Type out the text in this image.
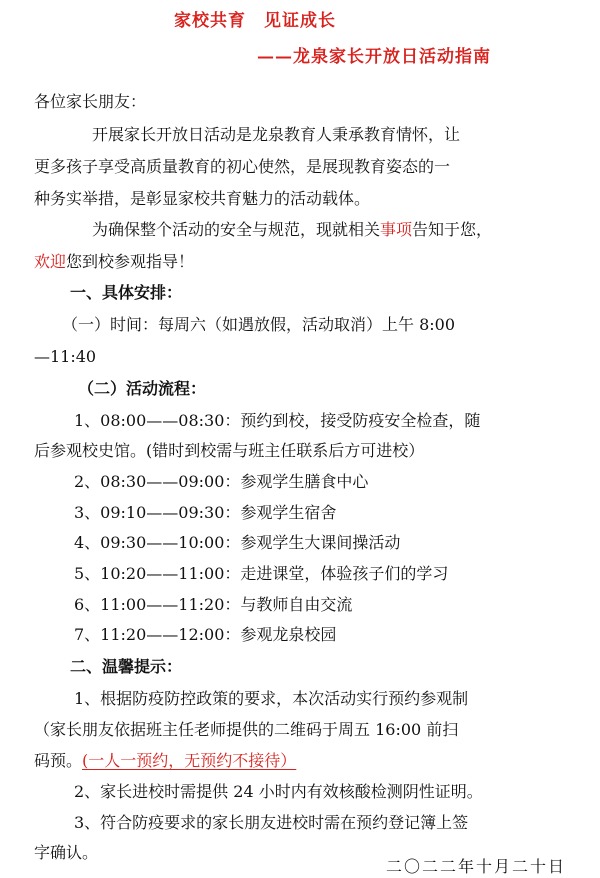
家校共育 见证成长
——龙泉家长开放日活动指南
各位家长朋友：
开展家长开放日活动是龙泉教育人秉承教育情怀，让
更多孩子享受高质量教育的初心使然，是展现教育姿态的一
种务实举措，是彰显家校共育魅力的活动载体。
为确保整个活动的安全与规范，现就相关事项告知于您，
欢迎您到校参观指导！
一、具体安排：
（一）时间：每周六（如遇放假，活动取消）上午 8:00
—11:40
（二）活动流程：
1、08:00——08:30：预约到校，接受防疫安全检查，随
后参观校史馆。(错时到校需与班主任联系后方可进校）
2、08:30——09:00：参观学生膳食中心
3、09:10——09:30：参观学生宿舍
4、09:30——10:00：参观学生大课间操活动
5、10:20——11:00：走进课堂，体验孩子们的学习
6、11:00——11:20：与教师自由交流
7、11:20——12:00：参观龙泉校园
二、温馨提示：
1、根据防疫防控政策的要求，本次活动实行预约参观制
（家长朋友依据班主任老师提供的二维码于周五 16:00 前扫
码预。(一人一预约，无预约不接待）
2、家长进校时需提供 24 小时内有效核酸检测阴性证明。
3、符合防疫要求的家长朋友进校时需在预约登记簿上签
字确认。
二〇二二年十月二十日
